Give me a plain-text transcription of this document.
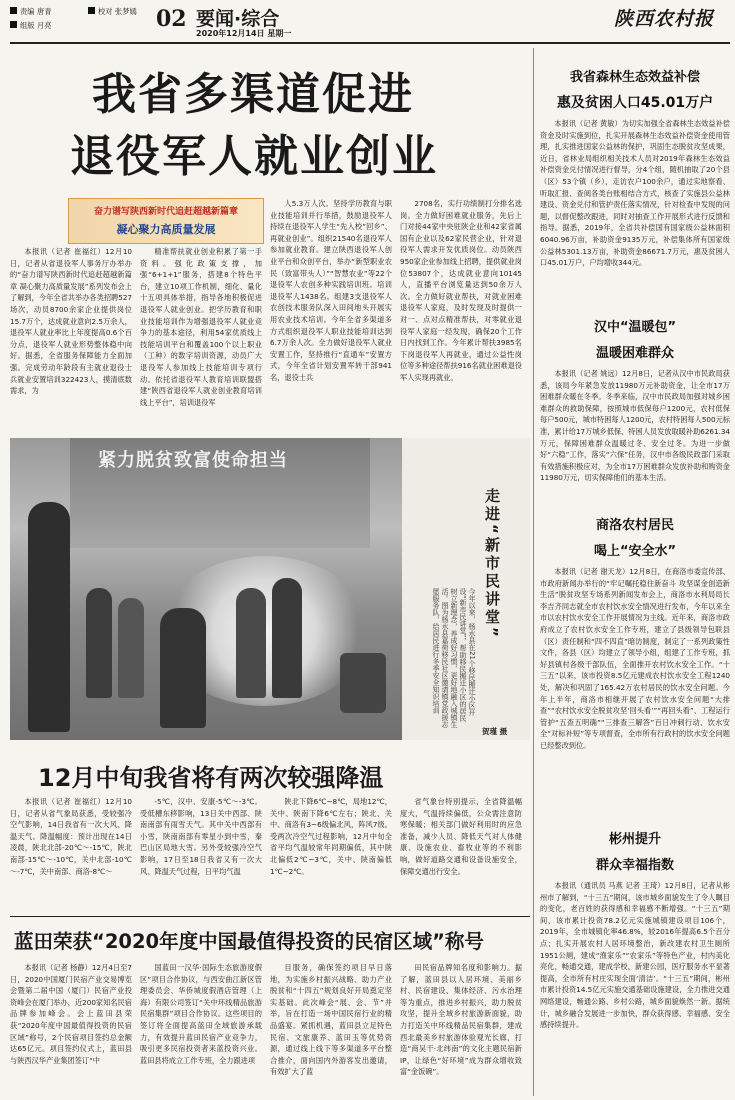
责编 唐青	校对 张梦嫣
组版 月亮	02 要闻·综合
2020年12月14日 星期一
陕西农村报
我省多渠道促进
退役军人就业创业
奋力谱写陕西新时代追赶超越新篇章
凝心聚力高质量发展

本报讯（记者 崔福红）12月10日，记者从省退役军人事务厅办举办的“奋力谱写陕西新时代追赶超越新篇章 凝心聚力高质量发展”系列发布会上了解到，今年全省共举办各类招聘527场次，动员8700余家企业提供岗位15.7万个，达成就业意向2.5万余人，退役军人就业率比上年度提高0.6个百分点，退役军人就业形势整体稳中向好。据悉，全省服务保障能力全面加强。完成劳动年龄段有主就业退役士兵就业安置培训322423人，摸清底数需求，为

精准帮扶就业创业积累了第一手资料。强化政策支撑，加强“6+1+1”服务，搭建8个特色平台，建立10项工作机制，细化、量化十五项具体举措，指导各地积极促进退役军人就业创业。把学历教育和职业技能培训作为增强退役军人就业竞争力的基本途径，利用54家优质线上技能培训平台和覆盖100个以上职业（工种）的数字培训资源，动员广大退役军人参加线上技能培训专项行动。依托省退役军人教育培训联盟搭建“陕西省退役军人就业创业教育培训线上平台”，培训退役军

人5.3万人次。坚持学历教育与职业技能培训并行举措，鼓励退役军人持续在退役军人学生“先入校”回乡”、再就业创业”。组织21540名退役军人参加就业教育。建立陕西退役军人创业平台和众创平台，举办“新型职业农民（致富带头人）”“智慧农业”等22个退役军人农创多种实践培训班。培训退役军人1438名。组建3支退役军人农创技术服务队深入田间地头开展实用农业技术培训。今年全省多渠道多方式组织退役军人职业技能培训达到6.7万余人次。全力做好退役军人就业安置工作，坚持推行“直通车”安置方式，今年全省计划安置军转干部941名，退役士兵

2708名，实行功绩制打分排名选岗。全力做好困难就业服务，先后上门对接44家中央驻陕企业和42家省属国有企业以及62家民营企业，针对退役军人需求开发优质岗位。动员陕西950家企业参加线上招聘，提供就业岗位53807个，达成就业意向10145人，直播平台浏览量达到50余万人次。全力做好就业帮扶，对就业困难退役军人家庭，及时发现及时提供一对一、点对点精准帮扶，对零就业退役军人家庭一经发现，确保20个工作日内找到工作。今年累计帮扶3985名下岗退役军人再就业，通过公益性岗位等多种途径帮扶916名就业困难退役军人实现再就业。

紧力脱贫致富使命担当
走进“新市民讲堂”
今年以来，杨水县在21个移民搬迁小区开设“新市民讲堂”，帮助移民搬迁小区的居民树立新理念，养成好习惯，更好地融入城镇生活。图为杨水县嘉荷移民社区邀请镇党政援志愿服务队，给居民进行冬季安全知识培训
贺瑾 摄
12月中旬我省将有两次较强降温

本报讯（记者 崔福红）12月10日，记者从省气象局获悉，受较强冷空气影响，14日我省有一次大风、降温天气。降温幅度：预计出现在14日凌晨，陕北北部-20℃～-15℃，陕北南部-15℃～-10℃，关中北部-10℃～-7℃，关中南部、商洛-8℃～

-5℃，汉中、安康-5℃～-3℃。受低槽东移影响，13日关中西部、陕南南部有雨雪天气。其中关中西部有小雪，陕南南部有零星小到中雪，秦巴山区局地大雪。另外受较强冷空气影响，17日至18日我省又有一次大风、降温天气过程，日平均气温

陕北下降6℃~8℃，局地12℃，关中、陕南下降6℃左右；陕北、关中、商洛有3~6级偏北风，阵风7级。受两次冷空气过程影响，12月中旬全省平均气温较常年同期偏低，其中陕北偏低2℃~3℃，关中、陕南偏低1℃~2℃。

省气象台特别提示，全省降温幅度大，气温持续偏低，公众需注意防寒保暖；相关部门做好利用时的应急准备，减少人员、降低天气对人体健康、设施农业、畜牧业等的不利影响，做好道路交通和设备设施安全，保障交通出行安全。

蓝田荣获“2020年度中国最值得投资的民宿区域”称号

本报讯（记者 杨静）12月4日至7日，2020中国厦门民宿产业交易博览会暨第二届中国（厦门）民宿产业投资峰会在厦门举办，近200家知名民宿品牌参加峰会。会上蓝田县荣获“2020年度中国最值得投资的民宿区域”称号，2个民宿项目签约总金额达65亿元。项目签约仪式上，蓝田县与陕西汉华产业集团签订“中

国蓝田一汉华·国际生态旅游度假区”项目合作协议，与西安曲江新区管理委员会、华侨城度假酒店管理（上海）有限公司签订“关中环线精品旅游民宿集群”项目合作协议。这些项目的签订将全面提高蓝田全域旅游承载力，有效提升蓝田民宿产业竞争力，吸引更多民宿投资者来蓝投资兴业。蓝田县将成立工作专班，全力跟进项

目服务，确保签约项目早日落地，为实施乡村振兴战略、助力产业脱贫和“十四五”规划良好开局奠定坚实基础。此次峰会“展、会、节”并举，旨在打造一场中国民宿行业的精品盛宴。紧抓机遇，蓝田县立足特色民宿、文旅康养、蓝田玉等优势资源，通过线上线下等多渠道多平台整合推介，面向国内外游客发出邀请，有效扩大了蓝

田民宿品牌知名度和影响力。据了解，蓝田县以人居环境、美丽乡村、民宿建设、集体经济、污水治理等为重点，推进乡村振兴，助力脱贫攻坚，提升全域乡村旅游新面貌，助力打造关中环线精品民宿集群，建成西北最美乡村旅游体验观光长廊，打造“商吴干·北纬南”的文化主题民宿新IP，让绿色“好环境”成为群众增收致富“金饭碗”。

我省森林生态效益补偿
惠及贫困人口45.01万户

本报讯（记者 黄敏）为切实加强全省森林生态效益补偿资金及时实施到位，扎实开展森林生态效益补偿资金使用管理，扎实推进国家公益林的保护，巩固生态脱贫攻坚成果，近日，省林业局组织相关技术人员对2019年森林生态效益补偿资金兑付情况进行督导，分4个组，随机抽取了20个县（区）53个镇（乡），走访农户100余户，通过实地察看、听取汇报、查阅各类台账相结合方式，核查了实施县公益林建设、资金兑付和管护责任落实情况，针对检查中发现的问题，以督促整改跟进，同时对抽查工作开展形式进行反馈和指导。据悉，2019年，全省共补偿国有国家级公益林面积6040.96万亩，补助资金9135万元，补偿集体所有国家级公益林5301.13万亩，补助资金86671.7万元，惠及贫困人口45.01万户，户均增收344元。

汉中“温暖包”
温暖困难群众

本报讯（记者 姚远）12月8日，记者从汉中市民政局获悉，该局今年紧急发放11980万元补助资金，让全市17万困难群众暖在冬季。冬季来临，汉中市民政局加强对城乡困难群众的救助保障，按照城市低保每户1200元，农村低保每户500元，城市特困每人1200元，农村特困每人500元标准，累计给17万城乡低保、特困人员发放取暖补助6261.34万元，保障困难群众温暖过冬、安全过冬。为进一步做好“六稳”工作，落实“六保”任务，汉中市各级民政部门采取有效措施积极应对，为全市17万困难群众发放补助和购资金11980万元，切实保障他们的基本生活。

商洛农村居民
喝上“安全水”

本报讯（记者 谢天龙）12月8日，在商洛市委宣传部、市政府新闻办举行的“牢记嘱托稳住新奋斗 攻坚谋金创造新生活”脱贫攻坚专场系列新闻发布会上，商洛市水利局局长李吉齐同志就全市农村饮水安全情况进行发布，今年以来全市以农村饮水安全工作开展情况为主线。近年来，商洛市政府成立了农村饮水安全工作专班，建立了县级领导包联县（区）责任制和“四不四直”暗访制度，制定了一系列政策性文件，各县（区）均建立了领导小组，组建了工作专班，抓好县镇村各级干部队伍，全面推开农村饮水安全工作。“十三五”以来，该市投资8.5亿元建成农村饮水安全工程1240处，解决和巩固了165.42万农村居民的饮水安全问题。今年上半年，商洛市相继开展了农村饮水安全问题“大排查”“农村饮水安全脱贫攻坚‘回头看’”“再回头看”、工程运行管护“五查五明确”“三排查三解答”百日冲刺行动、饮水安全“对标补短”等专项督查，全市所有行政村的饮水安全问题已经整改到位。

彬州提升
群众幸福指数

本报讯（通讯员 马燕 记者 王琦）12月8日，记者从彬州市了解到，“十三五”期间，该市城乡面貌发生了令人瞩目的变化，老百姓的获得感和幸福感不断增强。“十三五”期间，该市累计投资78.2亿元实施城镇建设项目106个，2019年，全市城镇化率46.8%，较2016年提高6.5个百分点；扎实开展农村人居环境整治，新改建农村卫生厕所1951公厕，建成“渔家乐”“农家乐”等特色产业，村内美化亮化，畅通交通，建成学校，新建公园，医疗服务水平显著提高，全市所有村庄实现全面‘清洁’。“十三五”期间，彬州市累计投资14.5亿元实施交通基础设施建设，全力推进交通网络建设，畅通公路、乡村公路，城乡面貌焕然一新。据统计，城乡融合发展进一步加快，群众获得感、幸福感、安全感持续提升。
